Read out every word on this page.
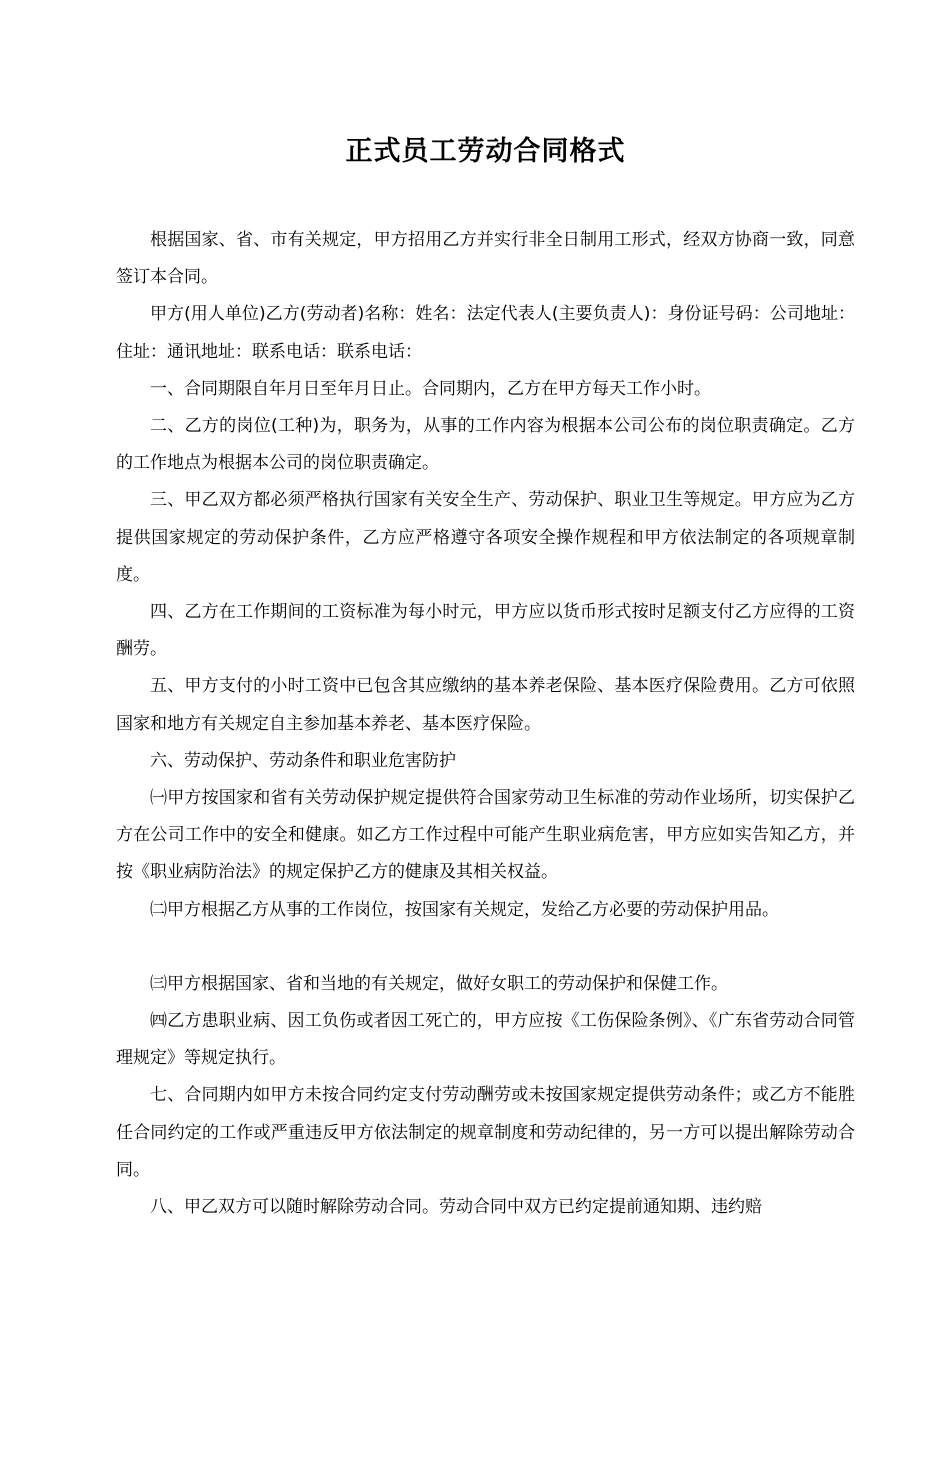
正式员工劳动合同格式

根据国家、省、市有关规定，甲方招用乙方并实行非全日制用工形式，经双方协商一致，同意签订本合同。

甲方(用人单位)乙方(劳动者)名称：姓名：法定代表人(主要负责人)：身份证号码：公司地址：住址：通讯地址：联系电话：联系电话：

一、合同期限自年月日至年月日止。合同期内，乙方在甲方每天工作小时。

二、乙方的岗位(工种)为，职务为，从事的工作内容为根据本公司公布的岗位职责确定。乙方的工作地点为根据本公司的岗位职责确定。

三、甲乙双方都必须严格执行国家有关安全生产、劳动保护、职业卫生等规定。甲方应为乙方提供国家规定的劳动保护条件，乙方应严格遵守各项安全操作规程和甲方依法制定的各项规章制度。

四、乙方在工作期间的工资标准为每小时元，甲方应以货币形式按时足额支付乙方应得的工资酬劳。

五、甲方支付的小时工资中已包含其应缴纳的基本养老保险、基本医疗保险费用。乙方可依照国家和地方有关规定自主参加基本养老、基本医疗保险。

六、劳动保护、劳动条件和职业危害防护

㈠甲方按国家和省有关劳动保护规定提供符合国家劳动卫生标准的劳动作业场所，切实保护乙方在公司工作中的安全和健康。如乙方工作过程中可能产生职业病危害，甲方应如实告知乙方，并按《职业病防治法》的规定保护乙方的健康及其相关权益。

㈡甲方根据乙方从事的工作岗位，按国家有关规定，发给乙方必要的劳动保护用品。

㈢甲方根据国家、省和当地的有关规定，做好女职工的劳动保护和保健工作。

㈣乙方患职业病、因工负伤或者因工死亡的，甲方应按《工伤保险条例》、《广东省劳动合同管理规定》等规定执行。

七、合同期内如甲方未按合同约定支付劳动酬劳或未按国家规定提供劳动条件；或乙方不能胜任合同约定的工作或严重违反甲方依法制定的规章制度和劳动纪律的，另一方可以提出解除劳动合同。

八、甲乙双方可以随时解除劳动合同。劳动合同中双方已约定提前通知期、违约赔
